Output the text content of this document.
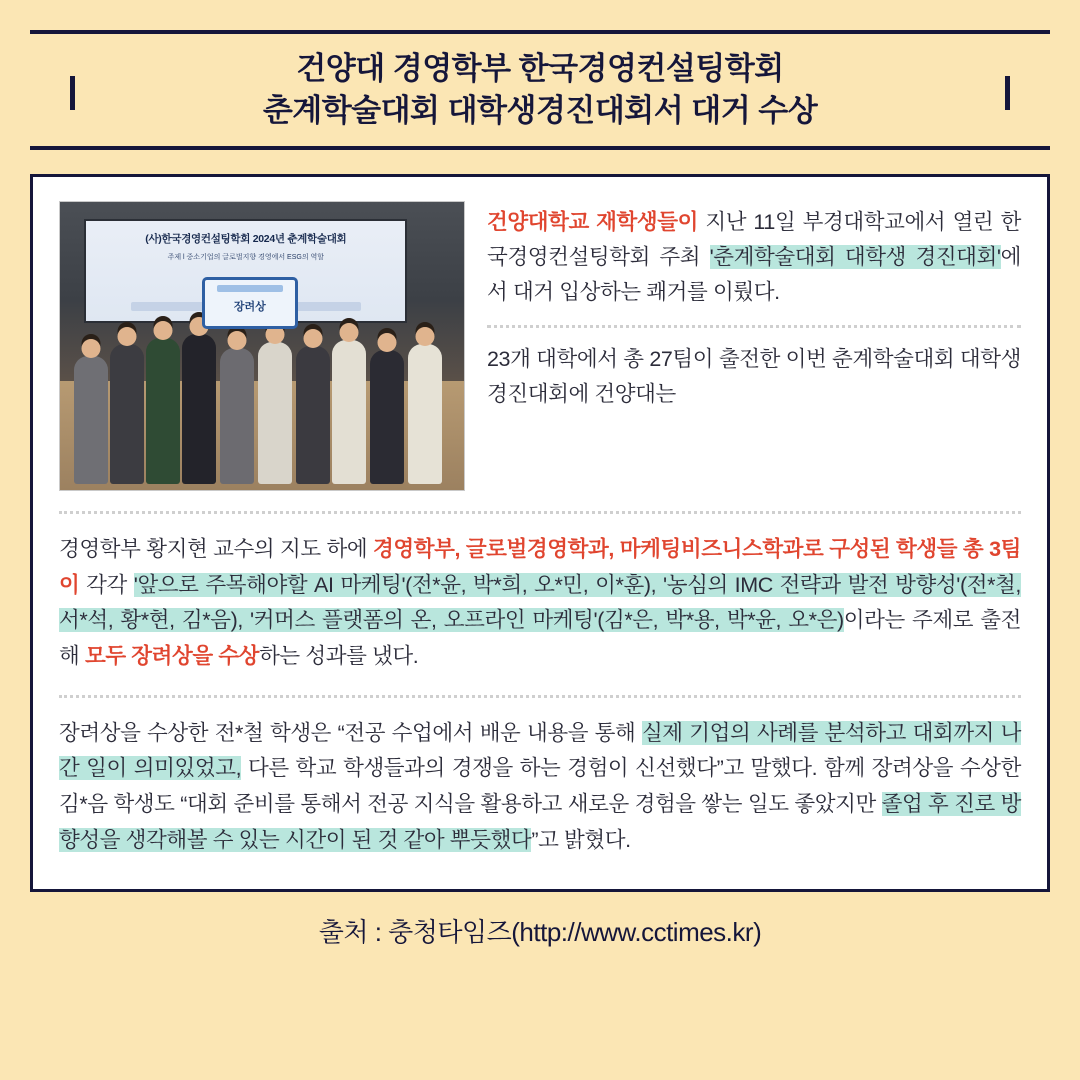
건양대 경영학부 한국경영컨설팅학회
춘계학술대회 대학생경진대회서 대거 수상
(사)한국경영컨설팅학회 2024년 춘계학술대회
주제 l 중소기업의 글로벌지향 경영에서 ESG의 역할
장려상

건양대학교 재학생들이 지난 11일 부경대학교에서 열린 한국경영컨설팅학회 주최 '춘계학술대회 대학생 경진대회'에서 대거 입상하는 쾌거를 이뤘다.

23개 대학에서 총 27팀이 출전한 이번 춘계학술대회 대학생경진대회에 건양대는

경영학부 황지현 교수의 지도 하에 경영학부, 글로벌경영학과, 마케팅비즈니스학과로 구성된 학생들 총 3팀이 각각 '앞으로 주목해야할 AI 마케팅'(전*윤, 박*희, 오*민, 이*훈), '농심의 IMC 전략과 발전 방향성'(전*철, 서*석, 황*현, 김*음), '커머스 플랫폼의 온, 오프라인 마케팅'(김*은, 박*용, 박*윤, 오*은)이라는 주제로 출전해 모두 장려상을 수상하는 성과를 냈다.

장려상을 수상한 전*철 학생은 “전공 수업에서 배운 내용을 통해 실제 기업의 사례를 분석하고 대회까지 나간 일이 의미있었고, 다른 학교 학생들과의 경쟁을 하는 경험이 신선했다”고 말했다. 함께 장려상을 수상한 김*음 학생도 “대회 준비를 통해서 전공 지식을 활용하고 새로운 경험을 쌓는 일도 좋았지만 졸업 후 진로 방향성을 생각해볼 수 있는 시간이 된 것 같아 뿌듯했다”고 밝혔다.

출처 : 충청타임즈(http://www.cctimes.kr)
